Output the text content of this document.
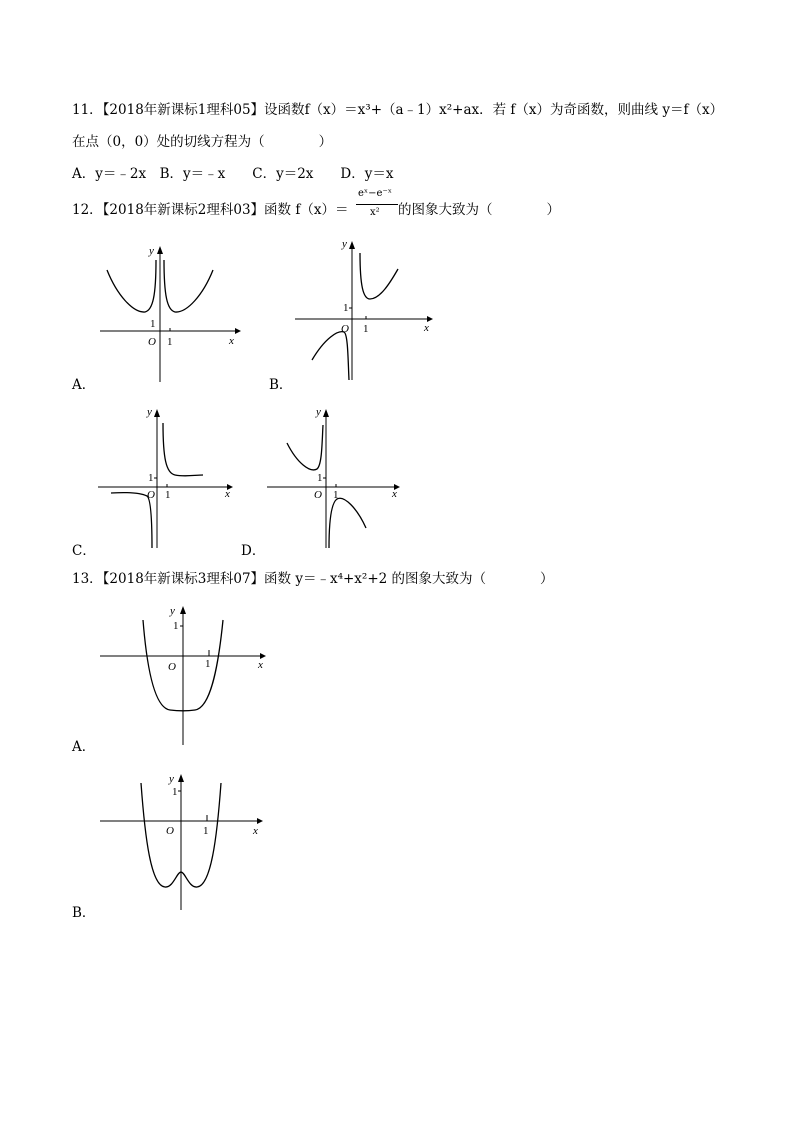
11．【2018年新课标1理科05】设函数f（x）＝x³+（a﹣1）x²+ax．若 f（x）为奇函数，则曲线 y＝f（x）
在点（0，0）处的切线方程为（　　　　）
A．y＝﹣2x　B．y＝﹣x　　C．y＝2x　　D．y＝x
12．【2018年新课标2理科03】函数 f（x）＝
eˣ−e⁻ˣ
x² 的图象大致为（　　　　）
y
x
O 1
1
A．
y
x
O 1
1
B．
y
x
O 1
1
C．
y
x
O 1
1
D．
13．【2018年新课标3理科07】函数 y＝﹣x⁴+x²+2 的图象大致为（　　　　）
y
x
O	1
1
A．
y
x
O	1
1
B．
